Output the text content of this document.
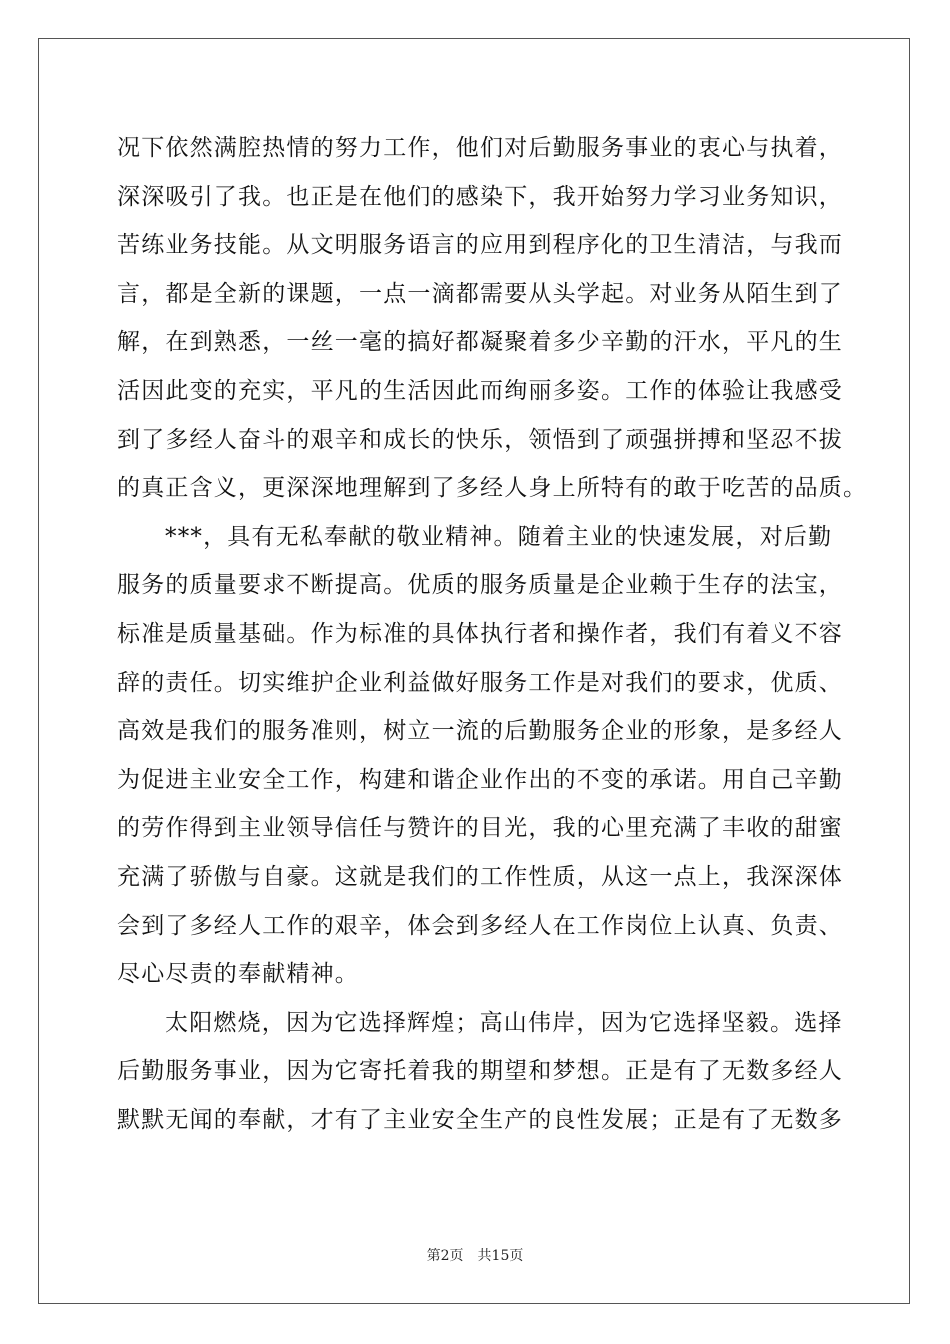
况下依然满腔热情的努力工作，他们对后勤服务事业的衷心与执着，
深深吸引了我。也正是在他们的感染下，我开始努力学习业务知识，
苦练业务技能。从文明服务语言的应用到程序化的卫生清洁，与我而
言，都是全新的课题，一点一滴都需要从头学起。对业务从陌生到了
解，在到熟悉，一丝一毫的搞好都凝聚着多少辛勤的汗水，平凡的生
活因此变的充实，平凡的生活因此而绚丽多姿。工作的体验让我感受
到了多经人奋斗的艰辛和成长的快乐，领悟到了顽强拼搏和坚忍不拔
的真正含义，更深深地理解到了多经人身上所特有的敢于吃苦的品质。
***，具有无私奉献的敬业精神。随着主业的快速发展，对后勤
服务的质量要求不断提高。优质的服务质量是企业赖于生存的法宝，
标准是质量基础。作为标准的具体执行者和操作者，我们有着义不容
辞的责任。切实维护企业利益做好服务工作是对我们的要求，优质、
高效是我们的服务准则，树立一流的后勤服务企业的形象，是多经人
为促进主业安全工作，构建和谐企业作出的不变的承诺。用自己辛勤
的劳作得到主业领导信任与赞许的目光，我的心里充满了丰收的甜蜜
充满了骄傲与自豪。这就是我们的工作性质，从这一点上，我深深体
会到了多经人工作的艰辛，体会到多经人在工作岗位上认真、负责、
尽心尽责的奉献精神。
太阳燃烧，因为它选择辉煌；高山伟岸，因为它选择坚毅。选择
后勤服务事业，因为它寄托着我的期望和梦想。正是有了无数多经人
默默无闻的奉献，才有了主业安全生产的良性发展；正是有了无数多
第2页 共15页
